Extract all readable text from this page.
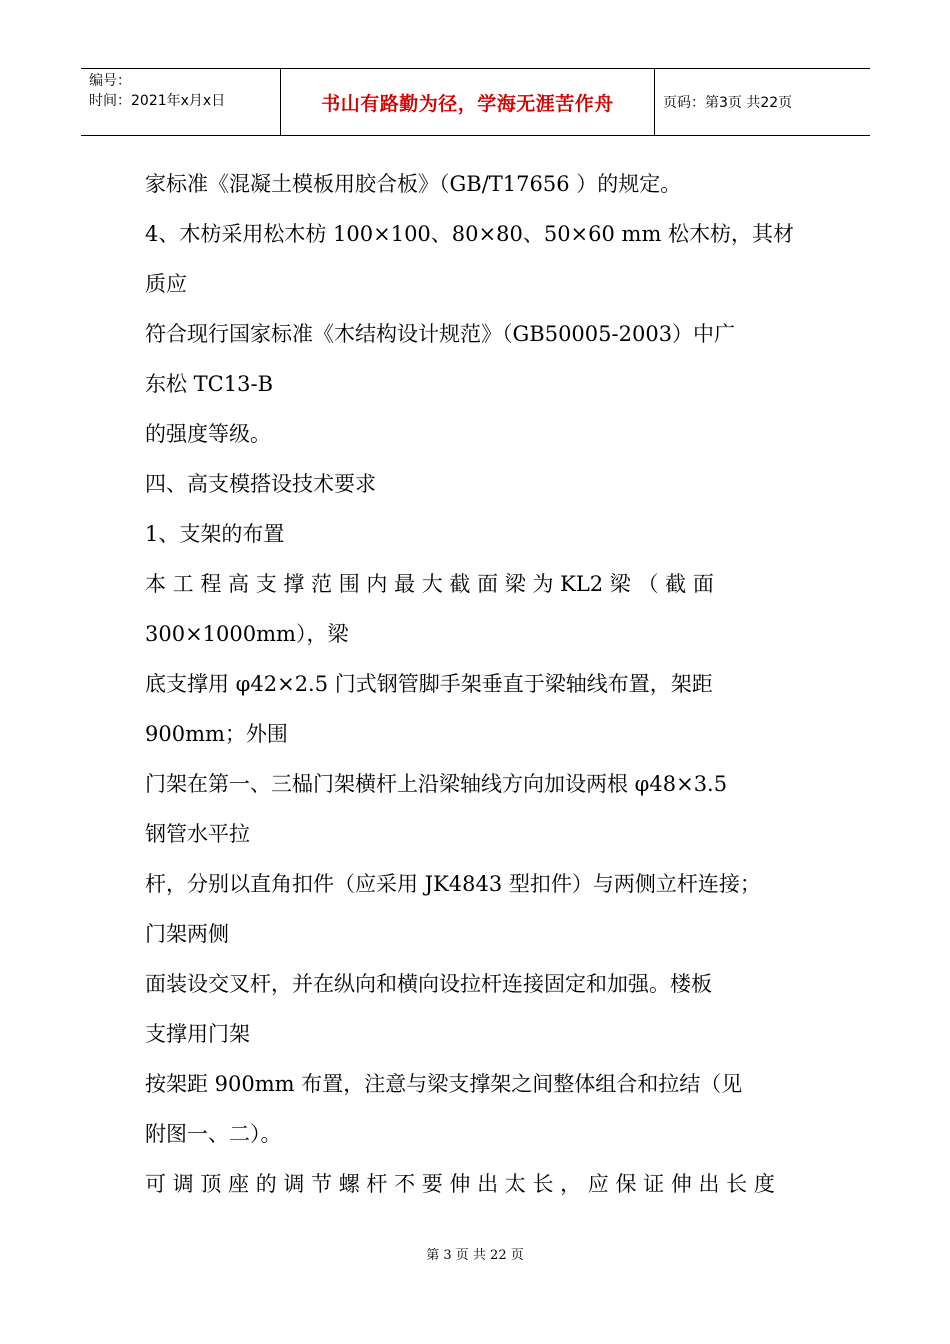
编号：
时间：2021年x月x日	书山有路勤为径，学海无涯苦作舟	页码：第3页 共22页
家标准《混凝土模板用胶合板》（GB/T17656 ）的规定。
4、木枋采用松木枋 100×100、80×80、50×60 mm 松木枋，其材
质应
符合现行国家标准《木结构设计规范》（GB50005-2003）中广
东松 TC13-B
的强度等级。
四、高支模搭设技术要求
1、支架的布置
本 工 程 高 支 撑 范 围 内 最 大 截 面 梁 为 KL2 梁 （ 截 面
300×1000mm），梁
底支撑用 φ42×2.5 门式钢管脚手架垂直于梁轴线布置，架距
900mm；外围
门架在第一、三榀门架横杆上沿梁轴线方向加设两根 φ48×3.5
钢管水平拉
杆，分别以直角扣件（应采用 JK4843 型扣件）与两侧立杆连接；
门架两侧
面装设交叉杆，并在纵向和横向设拉杆连接固定和加强。楼板
支撑用门架
按架距 900mm 布置，注意与梁支撑架之间整体组合和拉结（见
附图一、二）。
可 调 顶 座 的 调 节 螺 杆 不 要 伸 出 太 长 ， 应 保 证 伸 出 长 度
第 3 页 共 22 页
